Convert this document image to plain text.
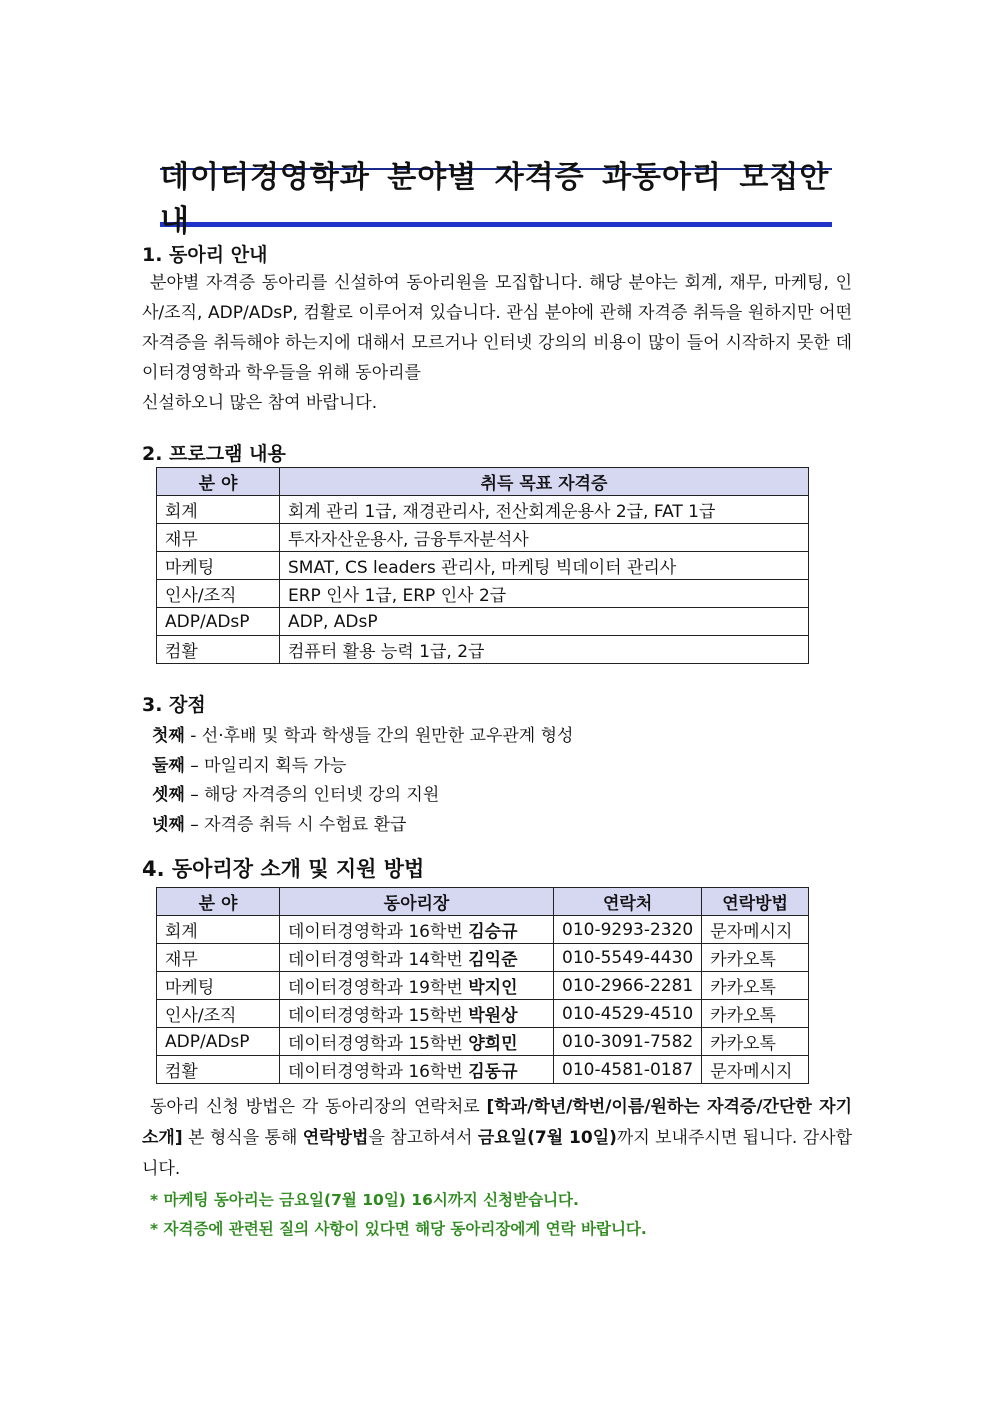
데이터경영학과 분야별 자격증 과동아리 모집안내

1. 동아리 안내

분야별 자격증 동아리를 신설하여 동아리원을 모집합니다. 해당 분야는 회계, 재무, 마케팅, 인사/조직, ADP/ADsP, 컴활로 이루어져 있습니다. 관심 분야에 관해 자격증 취득을 원하지만 어떤 자격증을 취득해야 하는지에 대해서 모르거나 인터넷 강의의 비용이 많이 들어 시작하지 못한 데이터경영학과 학우들을 위해 동아리를

신설하오니 많은 참여 바랍니다.

2. 프로그램 내용

분 야	취득 목표 자격증
회계	회계 관리 1급, 재경관리사, 전산회계운용사 2급, FAT 1급
재무	투자자산운용사, 금융투자분석사
마케팅	SMAT, CS leaders 관리사, 마케팅 빅데이터 관리사
인사/조직	ERP 인사 1급, ERP 인사 2급
ADP/ADsP	ADP, ADsP
컴활	컴퓨터 활용 능력 1급, 2급

3. 장점

첫째 - 선·후배 및 학과 학생들 간의 원만한 교우관계 형성

둘째 – 마일리지 획득 가능

셋째 – 해당 자격증의 인터넷 강의 지원

넷째 – 자격증 취득 시 수험료 환급

4. 동아리장 소개 및 지원 방법

분 야	동아리장	연락처	연락방법
회계	데이터경영학과 16학번 김승규	010-9293-2320	문자메시지
재무	데이터경영학과 14학번 김익준	010-5549-4430	카카오톡
마케팅	데이터경영학과 19학번 박지인	010-2966-2281	카카오톡
인사/조직	데이터경영학과 15학번 박원상	010-4529-4510	카카오톡
ADP/ADsP	데이터경영학과 15학번 양희민	010-3091-7582	카카오톡
컴활	데이터경영학과 16학번 김동규	010-4581-0187	문자메시지

동아리 신청 방법은 각 동아리장의 연락처로 [학과/학년/학번/이름/원하는 자격증/간단한 자기소개] 본 형식을 통해 연락방법을 참고하셔서 금요일(7월 10일)까지 보내주시면 됩니다. 감사합니다.

* 마케팅 동아리는 금요일(7월 10일) 16시까지 신청받습니다.

* 자격증에 관련된 질의 사항이 있다면 해당 동아리장에게 연락 바랍니다.
